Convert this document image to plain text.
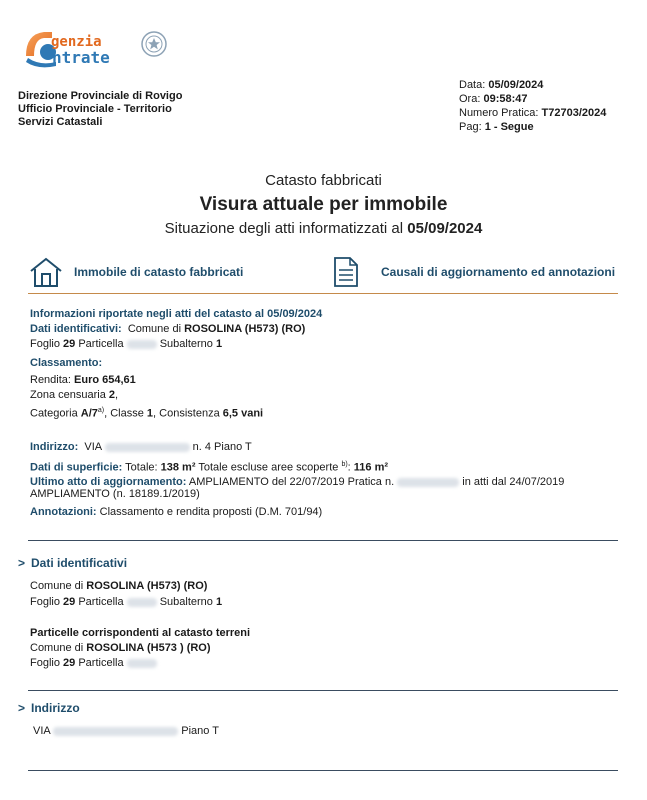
genzia
ntrate
Direzione Provinciale di Rovigo
Ufficio Provinciale - Territorio
Servizi Catastali
Data: 05/09/2024
Ora: 09:58:47
Numero Pratica: T72703/2024
Pag: 1 - Segue
Catasto fabbricati
Visura attuale per immobile
Situazione degli atti informatizzati al 05/09/2024
Immobile di catasto fabbricati	Causali di aggiornamento ed annotazioni
Informazioni riportate negli atti del catasto al 05/09/2024
Dati identificativi: Comune di ROSOLINA (H573) (RO)
Foglio 29 Particella	Subalterno 1
Classamento:
Rendita: Euro 654,61
Zona censuaria 2,
Categoria A/7$^{a)}$, Classe 1, Consistenza 6,5 vani
Indirizzo: VIA	n. 4 Piano T
Dati di superficie: Totale: 138 m² Totale escluse aree scoperte $^{b)}$: 116 m²
Ultimo atto di aggiornamento: AMPLIAMENTO del 22/07/2019 Pratica n.	in atti dal 24/07/2019
AMPLIAMENTO (n. 18189.1/2019)
Annotazioni: Classamento e rendita proposti (D.M. 701/94)
> Dati identificativi
Comune di ROSOLINA (H573) (RO)
Foglio 29 Particella	Subalterno 1
Particelle corrispondenti al catasto terreni
Comune di ROSOLINA (H573 ) (RO)
Foglio 29 Particella
> Indirizzo
VIA	Piano T
